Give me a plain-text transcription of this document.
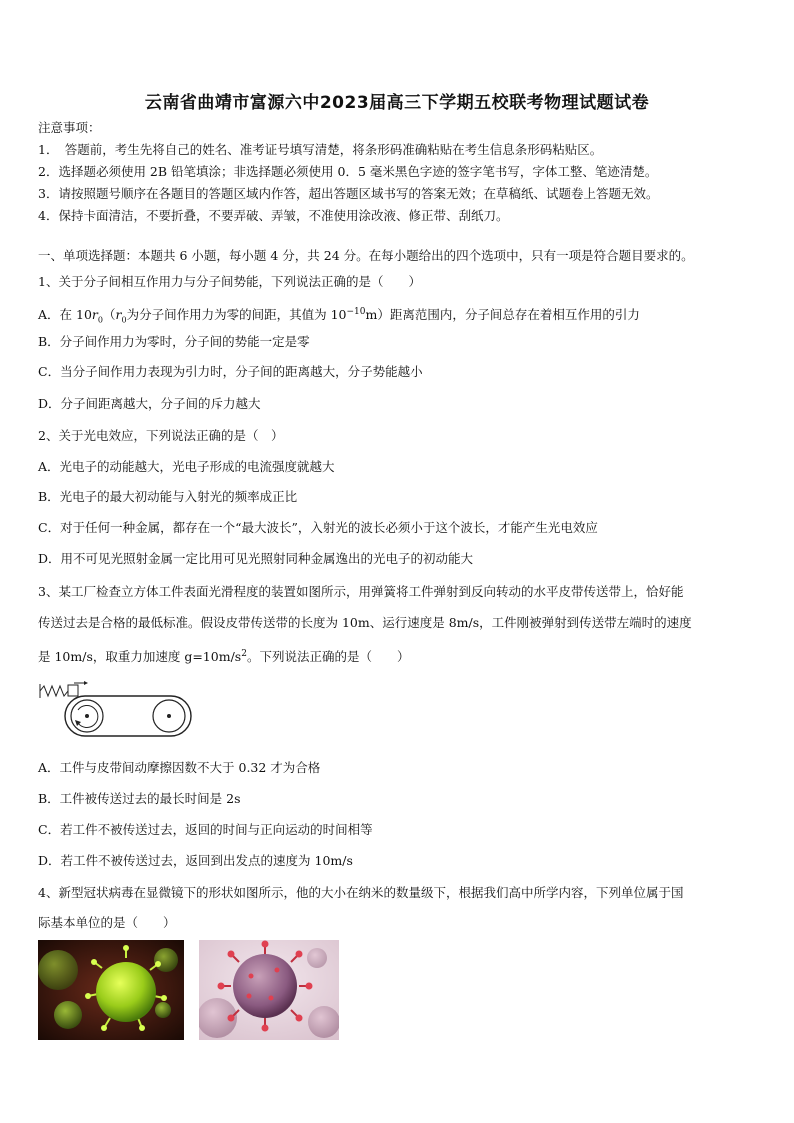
云南省曲靖市富源六中2023届高三下学期五校联考物理试题试卷
注意事项：
1．　答题前，考生先将自己的姓名、准考证号填写清楚，将条形码准确粘贴在考生信息条形码粘贴区。
2．选择题必须使用 2B 铅笔填涂；非选择题必须使用 0．5 毫米黑色字迹的签字笔书写，字体工整、笔迹清楚。
3．请按照题号顺序在各题目的答题区域内作答，超出答题区域书写的答案无效；在草稿纸、试题卷上答题无效。
4．保持卡面清洁，不要折叠，不要弄破、弄皱，不准使用涂改液、修正带、刮纸刀。
一、单项选择题：本题共 6 小题，每小题 4 分，共 24 分。在每小题给出的四个选项中，只有一项是符合题目要求的。
1、关于分子间相互作用力与分子间势能，下列说法正确的是（　　）
A．在 $10r_0(r_0$为分子间作用力为零的间距，其值为 $10^{-10}m$）距离范围内，分子间总存在着相互作用的引力
B．分子间作用力为零时，分子间的势能一定是零
C．当分子间作用力表现为引力时，分子间的距离越大，分子势能越小
D．分子间距离越大，分子间的斥力越大
2、关于光电效应，下列说法正确的是（　）
A．光电子的动能越大，光电子形成的电流强度就越大
B．光电子的最大初动能与入射光的频率成正比
C．对于任何一种金属，都存在一个“最大波长”，入射光的波长必须小于这个波长，才能产生光电效应
D．用不可见光照射金属一定比用可见光照射同种金属逸出的光电子的初动能大
3、某工厂检查立方体工件表面光滑程度的装置如图所示，用弹簧将工件弹射到反向转动的水平皮带传送带上，恰好能
传送过去是合格的最低标准。假设皮带传送带的长度为 10m、运行速度是 8m/s，工件刚被弹射到传送带左端时的速度
是 10m/s，取重力加速度 $g=10m/s^2$。下列说法正确的是（　　）
A．工件与皮带间动摩擦因数不大于 0.32 才为合格
B．工件被传送过去的最长时间是 2s
C．若工件不被传送过去，返回的时间与正向运动的时间相等
D．若工件不被传送过去，返回到出发点的速度为 10m/s
4、新型冠状病毒在显微镜下的形状如图所示，他的大小在纳米的数量级下，根据我们高中所学内容，下列单位属于国
际基本单位的是（　　）
